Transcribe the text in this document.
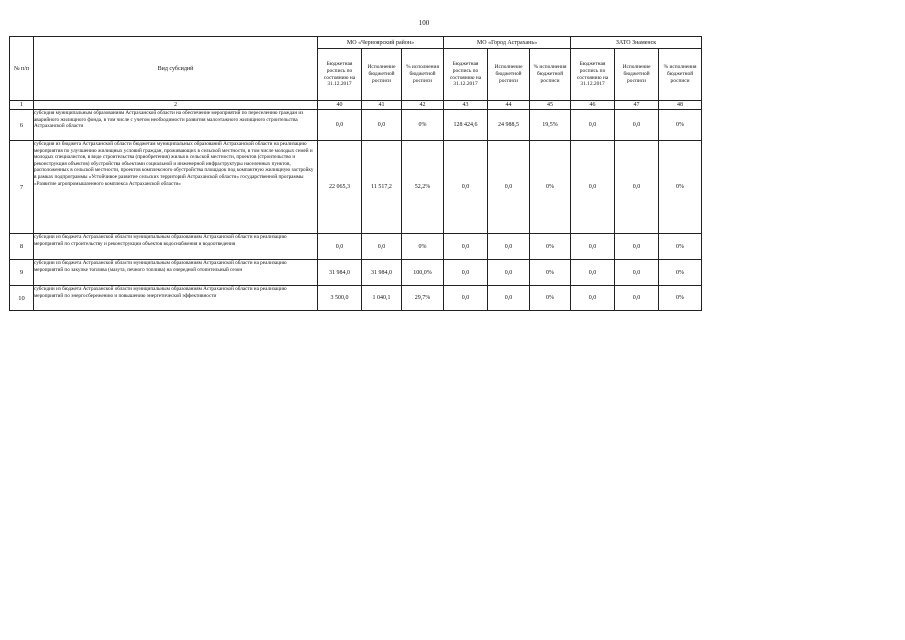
100
№ п/п	Вид субсидий	МО «Черноярский район»			МО «Город Астрахань»			ЗАТО Знаменск		
		Бюджетная роспись по состоянию на 31.12.2017	Исполнение бюджетной росписи	% исполнения бюджетной росписи	Бюджетная роспись по состоянию на 31.12.2017	Исполнение бюджетной росписи	% исполнения бюджетной росписи	Бюджетная роспись по состоянию на 31.12.2017	Исполнение бюджетной росписи	% исполнения бюджетной росписи
1	2	40	41	42	43	44	45	46	47	48
6	субсидия муниципальным образованиям Астраханской области на обеспечение мероприятий по переселению граждан из аварийного жилищного фонда, в том числе с учетом необходимости развития малоэтажного жилищного строительства Астраханской области	0,0	0,0	0%	128 424,6	24 988,5	19,5%	0,0	0,0	0%
7	субсидия из бюджета Астраханской области бюджетам муниципальных образований Астраханской области на реализацию мероприятия по улучшению жилищных условий граждан, проживающих в сельской местности, в том числе молодых семей и молодых специалистов, в виде строительства (приобретения) жилья в сельской местности, проектов (строительство и реконструкция объектов) обустройства объектами социальной и инженерной инфраструктуры населенных пунктов, расположенных в сельской местности, проектов комплексного обустройства площадок под компактную жилищную застройку в рамках подпрограммы «Устойчивое развитие сельских территорий Астраханской области» государственной программы «Развитие агропромышленного комплекса Астраханской области»	22 065,3	11 517,2	52,2%	0,0	0,0	0%	0,0	0,0	0%
8	субсидии из бюджета Астраханской области муниципальным образованиям Астраханской области на реализацию мероприятий по строительству и реконструкции объектов водоснабжения и водоотведения	0,0	0,0	0%	0,0	0,0	0%	0,0	0,0	0%
9	субсидии из бюджета Астраханской области муниципальным образованиям Астраханской области на реализацию мероприятий по закупке топлива (мазута, печного топлива) на очередной отопительный сезон	31 984,0	31 984,0	100,0%	0,0	0,0	0%	0,0	0,0	0%
10	субсидии из бюджета Астраханской области муниципальным образованиям Астраханской области на реализацию мероприятий по энергосбережению и повышению энергетической эффективности	3 500,0	1 040,1	29,7%	0,0	0,0	0%	0,0	0,0	0%
